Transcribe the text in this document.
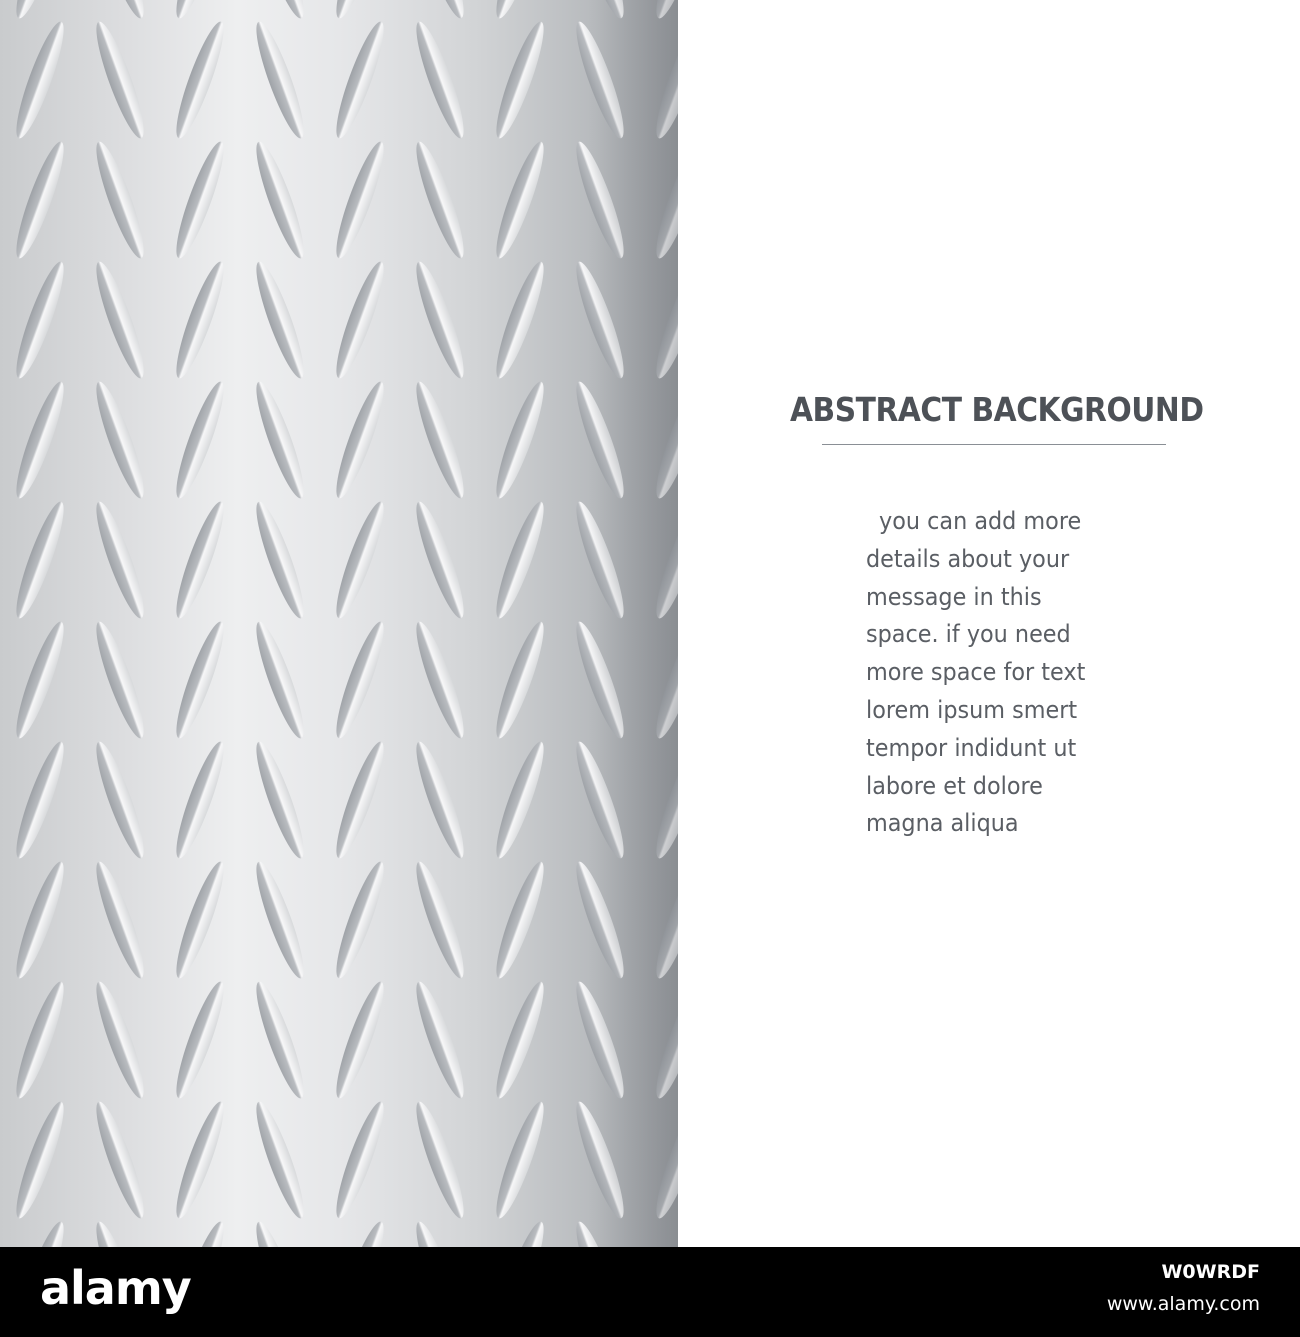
ABSTRACT BACKGROUND
you can add more
details about your
message in this
space. if you need
more space for text
lorem ipsum smert
tempor indidunt ut
labore et dolore
magna aliqua
alamy	W0WRDF
www.alamy.com
